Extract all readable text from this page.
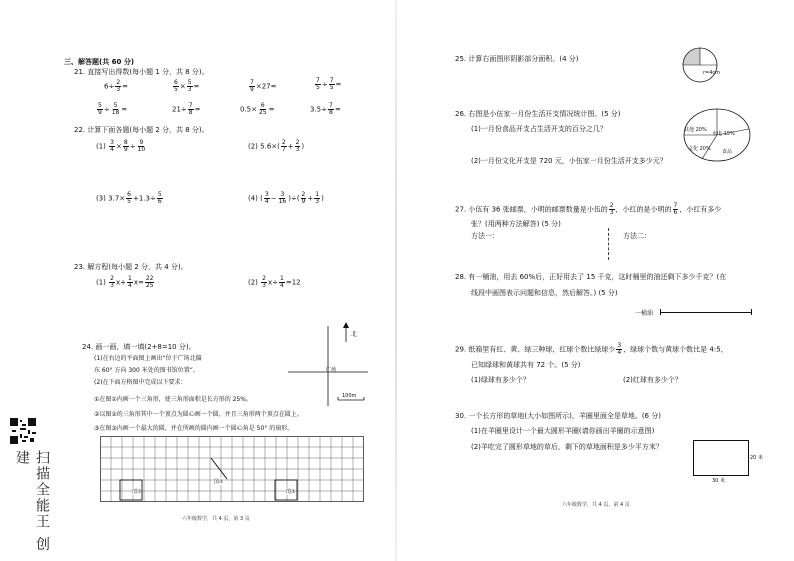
三、解答题(共 60 分)
21. 直接写出得数(每小题 1 分，共 8 分)。
$6\div \frac{2}{3}$ =	$\frac{6}{5} \times \frac{5}{3}$ =	$\frac{7}{9} \times 27=$	$\frac{7}{5} \div \frac{7}{5}$ =
$\frac{5}{9} \div \frac{5}{18}$ =	$21\div \frac{7}{8}$ =	$0.5\times \frac{6}{25}$ =	$3.5\div \frac{7}{8}$ =
22. 计算下面各题(每小题 2 分，共 8 分)。
$(1) \frac{3}{4} \times \frac{8}{9} \div \frac{9}{10}$	(2) $5.6\times( \frac{2}{7} + \frac{2}{3}$ )
(3) $3.7\times \frac{6}{5} +1.3\div \frac{5}{6}$	(4) ( $\frac{3}{4} - \frac{3}{16}$ )÷( $\frac{2}{9} + \frac{1}{3}$ )
23. 解方程(每小题 2 分，共 4 分)。
$(1) \frac{2}{3} x+ \frac{1}{4} x= \frac{22}{25}$	$(2) \frac{2}{3} x\div \frac{1}{4} =12$
24. 画一画，填一填(2+8=10 分)。
(1)在右边的平面图上画出“位于广场北偏
东 60° 方向 300 米处的图书馆位置”。
(2)在下面方格图中完成以下要求：
①在图①内画一个三角形，使三角形面积是长方形的 25%。
②以图②的三角形其中一个顶点为圆心画一个圆，并且三角形两个顶点在圆上。
③在图③内画一个最大的圆，并在所画的圆内画一个圆心角是 50° 的扇形。
北
广场
100m
图①
图②
图③
六年级数学，共 4 页，第 3 页
扫描全能王 创建
25. 计算右面图形阴影部分面积。(4 分)
r=4cm
26. 右图是小伍家一月份生活开支情况统计图。(5 分)
(1)一月份食品开支占生活开支的百分之几？
(2)一月份文化开支是 720 元，小伍家一月份生活开支多少元？
其他 20%
水电 15%
文化 20% 食品
27. 小伍有 36 张邮票，小明的邮票数量是小伍的 $\frac{2}{3}$ ，小红的是小明的 $\frac{7}{6}$ ，小红有多少
张？(用两种方法解答) (5 分)
方法一：	方法二：
28. 有一桶油，用去 60%后，正好用去了 15 千克，这时桶里的油还剩下多少千克？(在
线段中画图表示问题和信息，然后解答。) (5 分)
一桶油
29. 纸箱里有红、黄、绿三种球，红球个数比绿球少 $\frac{3}{4}$ ，绿球个数与黄球个数比是 4:5，
已知绿球和黄球共有 72 个。(5 分)
(1)绿球有多少个？	(2)红球有多少个？
30. 一个长方形的草地(大小如图所示)，羊圈里面全是草地。(6 分)
(1)在羊圈里设计一个最大圆形羊圈(请你画出羊圈的示意图)
(2)羊吃完了圆形草地的草后，剩下的草地面积是多少平方米？
20 米
30 米
六年级数学，共 4 页，第 4 页
